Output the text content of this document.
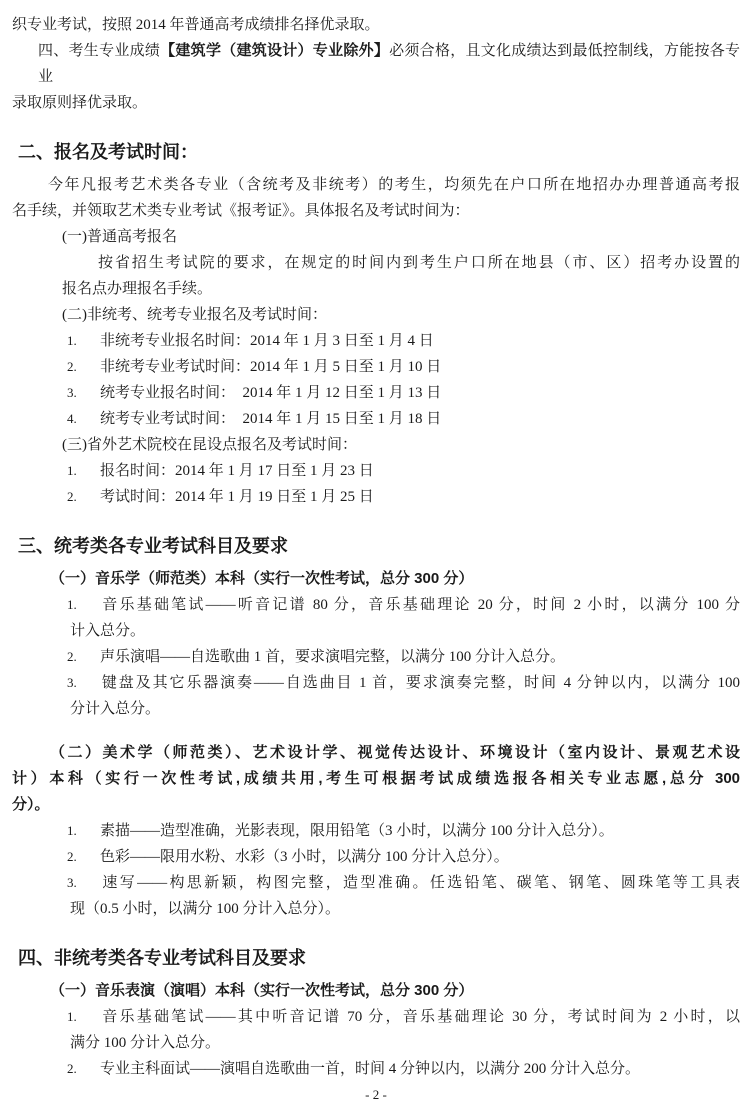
织专业考试，按照 2014 年普通高考成绩排名择优录取。
四、考生专业成绩【建筑学（建筑设计）专业除外】必须合格，且文化成绩达到最低控制线，方能按各专业
录取原则择优录取。
二、报名及考试时间：
今年凡报考艺术类各专业（含统考及非统考）的考生，均须先在户口所在地招办办理普通高考报
名手续，并领取艺术类专业考试《报考证》。具体报名及考试时间为：
(一)普通高考报名
按省招生考试院的要求，在规定的时间内到考生户口所在地县（市、区）招考办设置的
报名点办理报名手续。
(二)非统考、统考专业报名及考试时间：
1. 非统考专业报名时间：2014 年 1 月 3 日至 1 月 4 日
2. 非统考专业考试时间：2014 年 1 月 5 日至 1 月 10 日
3. 统考专业报名时间：　2014 年 1 月 12 日至 1 月 13 日
4. 统考专业考试时间：　2014 年 1 月 15 日至 1 月 18 日
(三)省外艺术院校在昆设点报名及考试时间：
1. 报名时间：2014 年 1 月 17 日至 1 月 23 日
2. 考试时间：2014 年 1 月 19 日至 1 月 25 日
三、统考类各专业考试科目及要求
（一）音乐学（师范类）本科（实行一次性考试，总分 300 分）
1. 音乐基础笔试——听音记谱 80 分，音乐基础理论 20 分，时间 2 小时，以满分 100 分
计入总分。
2. 声乐演唱——自选歌曲 1 首，要求演唱完整，以满分 100 分计入总分。
3. 键盘及其它乐器演奏——自选曲目 1 首，要求演奏完整，时间 4 分钟以内，以满分 100
分计入总分。
（二）美术学（师范类）、艺术设计学、视觉传达设计、环境设计（室内设计、景观艺术设
计）本科（实行一次性考试,成绩共用,考生可根据考试成绩选报各相关专业志愿,总分 300
分）。
1. 素描——造型准确，光影表现，限用铅笔（3 小时，以满分 100 分计入总分）。
2. 色彩——限用水粉、水彩（3 小时，以满分 100 分计入总分）。
3. 速写——构思新颖，构图完整，造型准确。任选铅笔、碳笔、钢笔、圆珠笔等工具表
现（0.5 小时，以满分 100 分计入总分）。
四、非统考类各专业考试科目及要求
（一）音乐表演（演唱）本科（实行一次性考试，总分 300 分）
1. 音乐基础笔试——其中听音记谱 70 分，音乐基础理论 30 分，考试时间为 2 小时，以
满分 100 分计入总分。
2. 专业主科面试——演唱自选歌曲一首，时间 4 分钟以内，以满分 200 分计入总分。
- 2 -
